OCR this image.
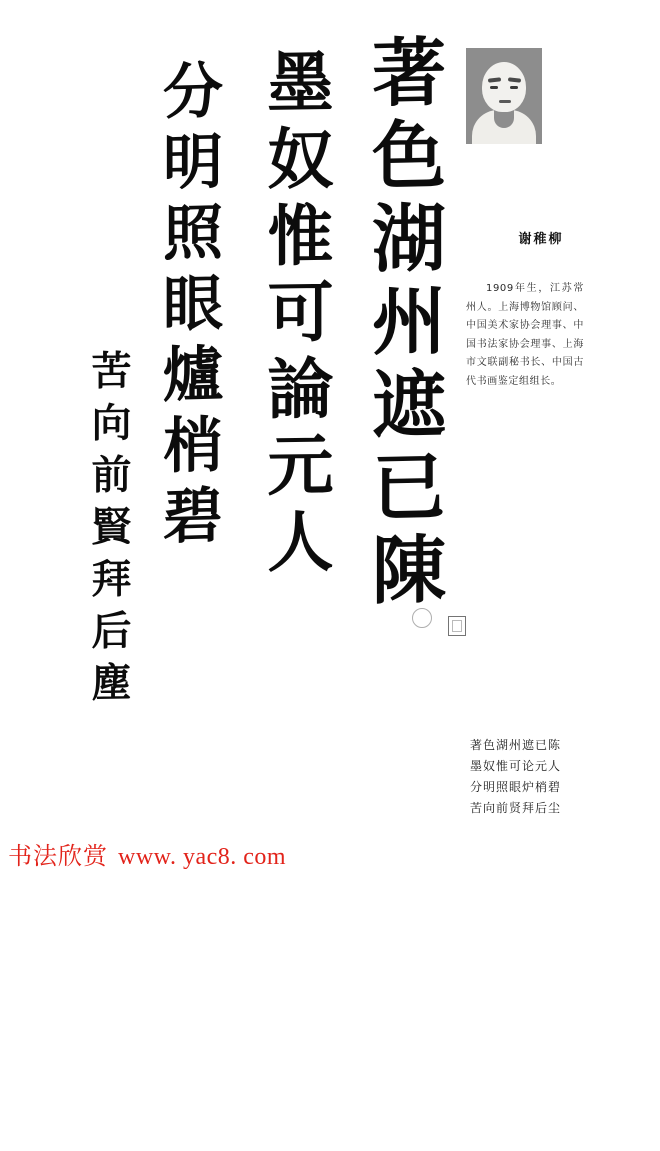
著色湖州遮已陳
墨奴惟可論元人
分明照眼爐梢碧
苦向前賢拜后塵
谢稚柳
1909年生，江苏常州人。上海博物馆顾问、中国美术家协会理事、中国书法家协会理事、上海市文联副秘书长、中国古代书画鉴定组组长。
著色湖州遮已陈
墨奴惟可论元人
分明照眼炉梢碧
苦向前贤拜后尘
书法欣赏 www. yac8. com
